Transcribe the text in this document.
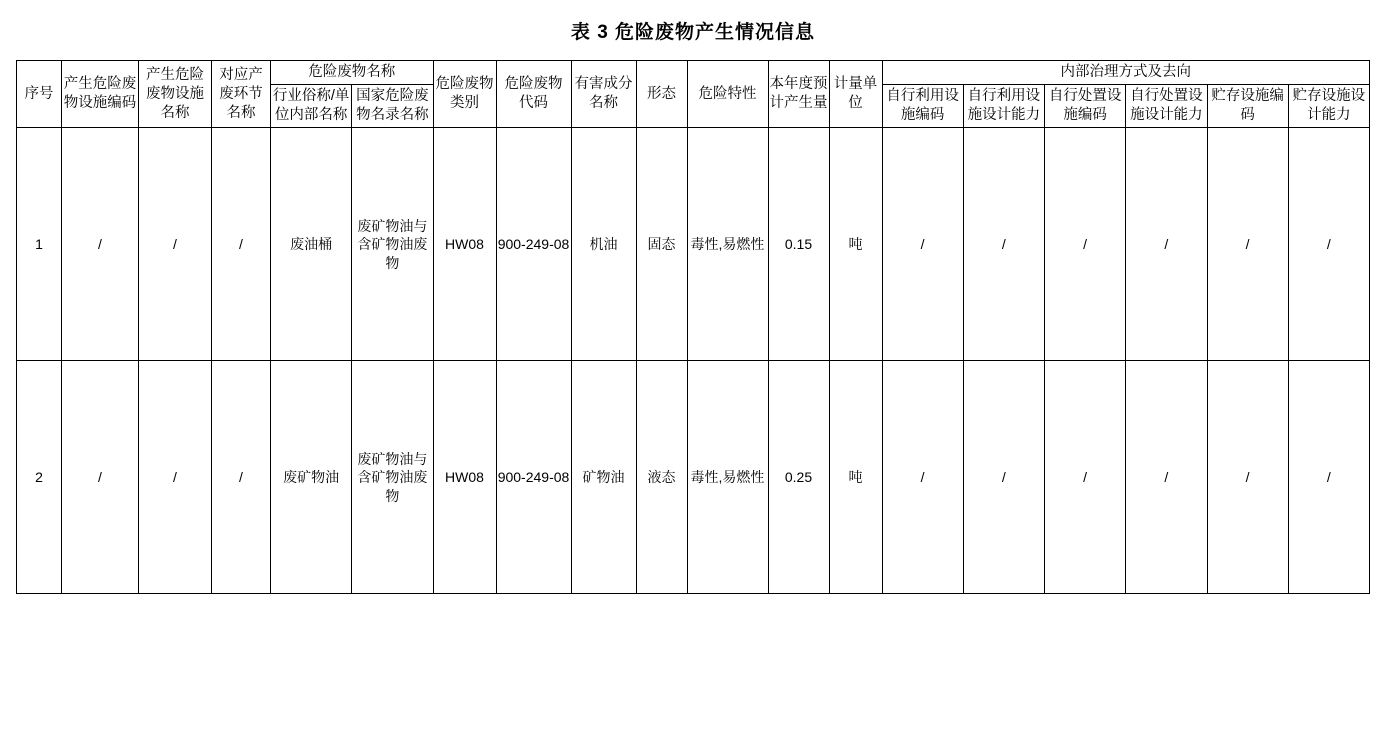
表 3 危险废物产生情况信息
序号	产生危险废物设施编码	产生危险废物设施名称	对应产废环节名称	危险废物名称		危险废物类别	危险废物代码	有害成分名称	形态	危险特性	本年度预计产生量	计量单位	内部治理方式及去向					
				行业俗称/单位内部名称	国家危险废物名录名称								自行利用设施编码	自行利用设施设计能力	自行处置设施编码	自行处置设施设计能力	贮存设施编码	贮存设施设计能力
1	/	/	/	废油桶	废矿物油与含矿物油废物	HW08	900-249-08	机油	固态	毒性,易燃性	0.15	吨	/	/	/	/	/	/
2	/	/	/	废矿物油	废矿物油与含矿物油废物	HW08	900-249-08	矿物油	液态	毒性,易燃性	0.25	吨	/	/	/	/	/	/
